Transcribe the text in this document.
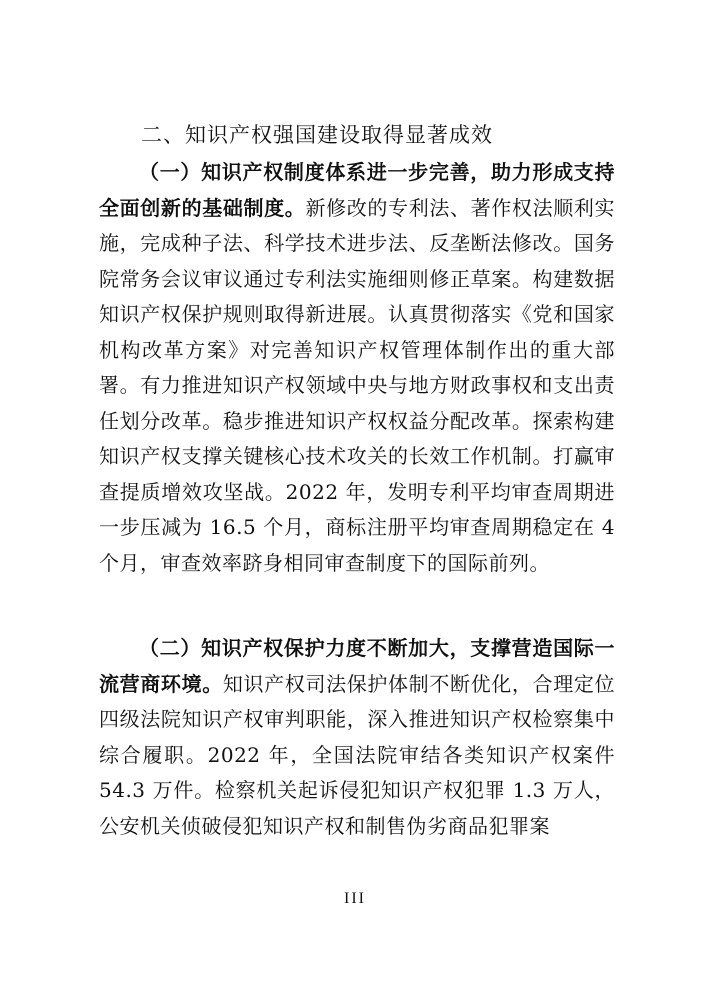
二、知识产权强国建设取得显著成效

（一）知识产权制度体系进一步完善，助力形成支持全面创新的基础制度。新修改的专利法、著作权法顺利实施，完成种子法、科学技术进步法、反垄断法修改。国务院常务会议审议通过专利法实施细则修正草案。构建数据知识产权保护规则取得新进展。认真贯彻落实《党和国家机构改革方案》对完善知识产权管理体制作出的重大部署。有力推进知识产权领域中央与地方财政事权和支出责任划分改革。稳步推进知识产权权益分配改革。探索构建知识产权支撑关键核心技术攻关的长效工作机制。打赢审查提质增效攻坚战。2022 年，发明专利平均审查周期进一步压减为 16.5 个月，商标注册平均审查周期稳定在 4 个月，审查效率跻身相同审查制度下的国际前列。

（二）知识产权保护力度不断加大，支撑营造国际一流营商环境。知识产权司法保护体制不断优化，合理定位四级法院知识产权审判职能，深入推进知识产权检察集中综合履职。2022 年，全国法院审结各类知识产权案件 54.3 万件。检察机关起诉侵犯知识产权犯罪 1.3 万人，公安机关侦破侵犯知识产权和制售伪劣商品犯罪案

III
